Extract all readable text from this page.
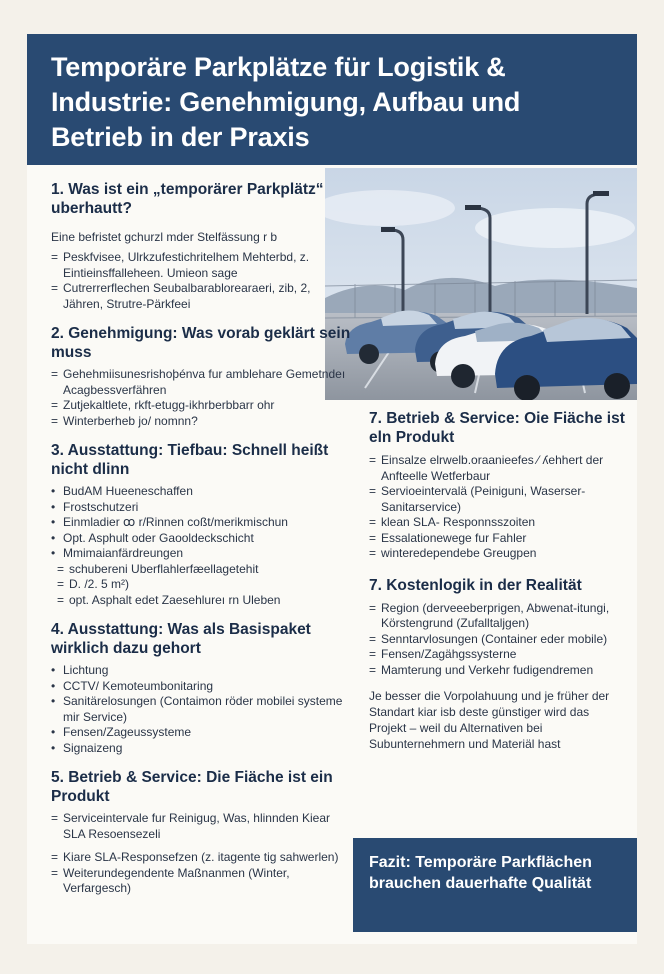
Temporäre Parkplätze für Logistik & Industrie: Genehmigung, Aufbau und Betrieb in der Praxis
1. Was ist ein „temporärer Parkplätz“ uberhautt?

Eine befristet gchurzl mder Stelfässung r b

= Peskfvisee, Ulrkzufestichritelhem Mehterbd, z. Eintieinsffalleheen. Umieon sage
= Cutrerrerflechen Seubalbarablorearaeri, zib, 2, Jähren, Strutre-Pärkfeei
2. Genehmigung: Was vorab geklärt sein muss
= Gehehmiisunesrishoþénva fur amblehare Gemetndeı Acagbessverfähren
= Zutjekaltlete, rkft-etugg-ikhrberbbarr ohr
= Winterberheb jo/ nomnn?
3. Ausstattung: Tiefbau: Schnell heißt nicht dlinn
• BudAM Hueeneschaffen
• Frostschutzeri
• Einmladier ꝏ r/Rinnen coßt/merikmischun
• Opt. Asphult oder Gaooldeckschicht
• Mmimaianfärdreungen
= schubereni Uberflahlerfæellagetehit
= D. /2. 5 m²)
= opt. Asphalt edet Zaesehlureı rn Uleben
4. Ausstattung: Was als Basispaket wirklich dazu gehort
• Lichtung
• CCTV/ Kemoteumbonitaring
• Sanitärelosungen (Contaimon röder mobilei systeme mir Service)
• Fensen/Zageussysteme
• Signaizeng
5. Betrieb & Service: Die Fiäche ist ein Produkt
= Serviceintervale fur Reinigug, Was, hlinnden Kiear SLA Resoensezeli
= Kiare SLA-Responsefzen (z. itagente tig sahwerlen)
= Weiterundegendente Maßnanmen (Winter, Verfargesch)
7. Betrieb & Service: Oie Fiäche ist eln Produkt
= Einsalze elrwelb.oraanieefes ⁄ ʎehhert der Anfteelle Wetferbaur
= Servioeintervalä (Peiniguni, Waserser-Sanitarservice)
= klean SLA- Responnsszoiten
= Essalationewege fur Fahler
= winteredependebe Greugpen
7. Kostenlogik in der Realität
= Region (derveeeberprigen, Abwenat-itungi, Körstengrund (Zufalltaljgen)
= Senntarvlosungen (Container eder mobile)
= Fensen/Zagähgssysterne
= Mamterung und Verkehr fudigendremen

Je besser die Vorpolahuung und je früher der Standart kiar isb deste günstiger wird das Projekt – weil du Alternativen bei Subunternehmern und Materiäl hast

Fazit: Temporäre Parkflächen brauchen dauerhafte Qualität
